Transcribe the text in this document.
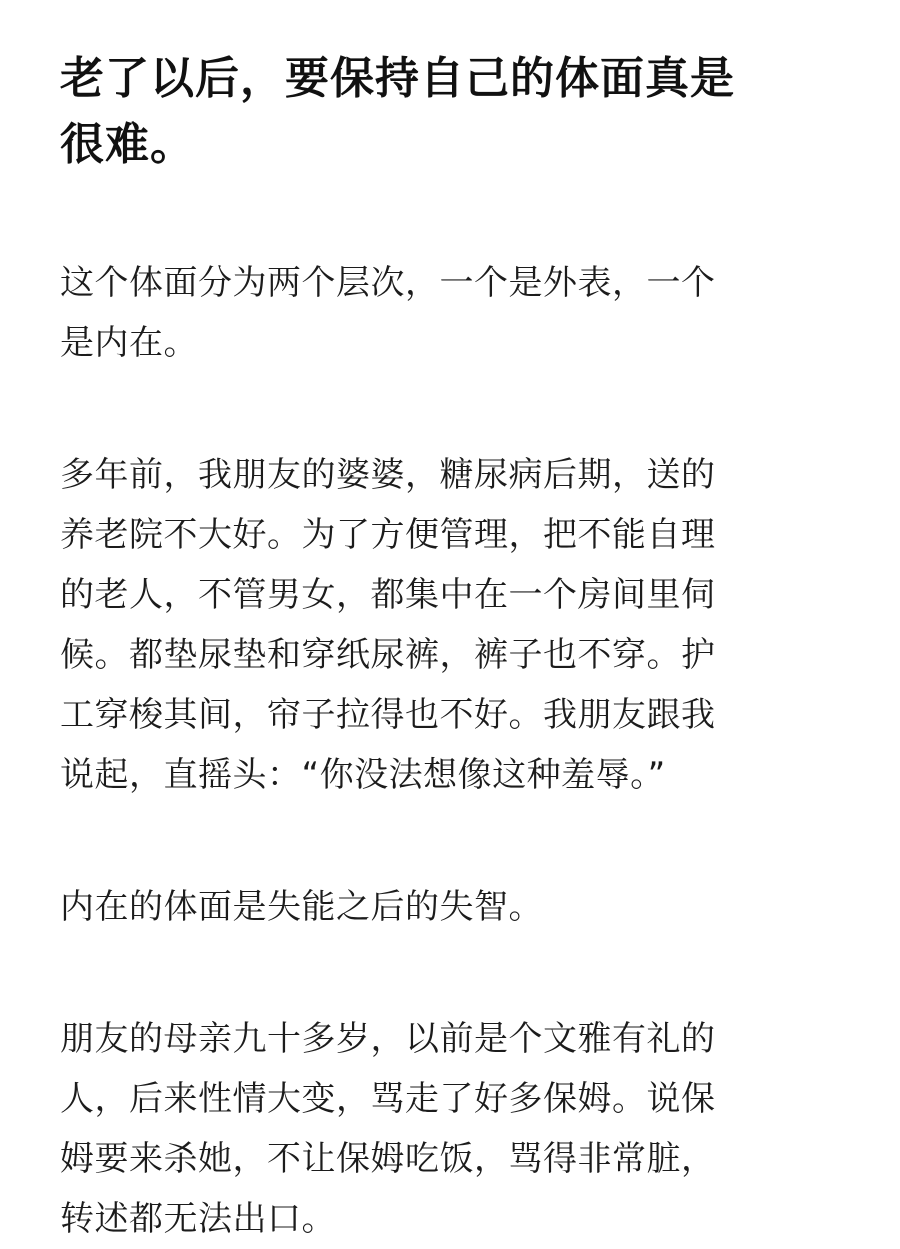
老了以后，要保持自己的体面真是
很难。

这个体面分为两个层次，一个是外表，一个
是内在。

多年前，我朋友的婆婆，糖尿病后期，送的
养老院不大好。为了方便管理，把不能自理
的老人，不管男女，都集中在一个房间里伺
候。都垫尿垫和穿纸尿裤，裤子也不穿。护
工穿梭其间，帘子拉得也不好。我朋友跟我
说起，直摇头：“你没法想像这种羞辱。”

内在的体面是失能之后的失智。

朋友的母亲九十多岁，以前是个文雅有礼的
人，后来性情大变，骂走了好多保姆。说保
姆要来杀她，不让保姆吃饭，骂得非常脏，
转述都无法出口。
